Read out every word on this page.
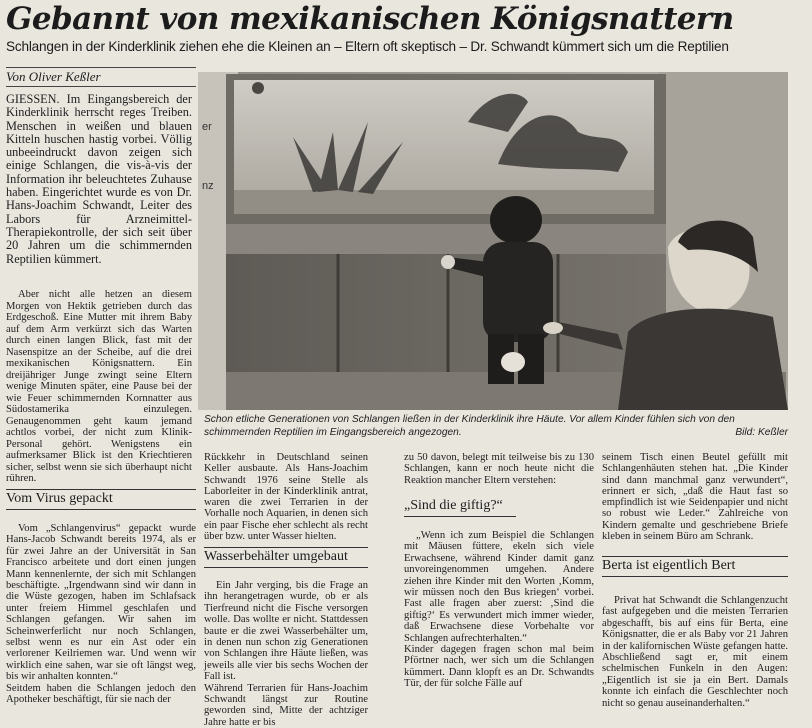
Gebannt von mexikanischen Königsnattern
Schlangen in der Kinderklinik ziehen ehe die Kleinen an – Eltern oft skeptisch – Dr. Schwandt kümmert sich um die Reptilien
Von Oliver Keßler

GIESSEN. Im Eingangsbereich der Kinderklinik herrscht reges Treiben. Menschen in weißen und blauen Kitteln huschen hastig vorbei. Völlig unbeeindruckt davon zeigen sich einige Schlangen, die vis-à-vis der Information ihr beleuchtetes Zuhause haben. Eingerichtet wurde es von Dr. Hans-Joachim Schwandt, Leiter des Labors für Arzneimittel-Therapiekontrolle, der sich seit über 20 Jahren um die schimmernden Reptilien kümmert.

Aber nicht alle hetzen an diesem Morgen von Hektik getrieben durch das Erdgeschoß. Eine Mutter mit ihrem Baby auf dem Arm verkürzt sich das Warten durch einen langen Blick, fast mit der Nasenspitze an der Scheibe, auf die drei mexikanischen Königsnattern. Ein dreijähriger Junge zwingt seine Eltern wenige Minuten später, eine Pause bei der wie Feuer schimmernden Kornnatter aus Südostamerika einzulegen. Genaugenommen geht kaum jemand achtlos vorbei, der nicht zum Klinik-Personal gehört. Wenigstens ein aufmerksamer Blick ist den Kriechtieren sicher, selbst wenn sie sich überhaupt nicht rühren.

Vom Virus gepackt

Vom „Schlangenvirus“ gepackt wurde Hans-Jacob Schwandt bereits 1974, als er für zwei Jahre an der Universität in San Francisco arbeitete und dort einen jungen Mann kennenlernte, der sich mit Schlangen beschäftigte. „Irgendwann sind wir dann in die Wüste gezogen, haben im Schlafsack unter freiem Himmel geschlafen und Schlangen gefangen. Wir sahen im Scheinwerferlicht nur noch Schlangen, selbst wenn es nur ein Ast oder ein verlorener Keilriemen war. Und wenn wir wirklich eine sahen, war sie oft längst weg, bis wir anhalten konnten.“

Seitdem haben die Schlangen jedoch den Apotheker beschäftigt, für sie nach der

er
nz
Schon etliche Generationen von Schlangen ließen in der Kinderklinik ihre Häute. Vor allem Kinder fühlen sich von den schimmernden Reptilien im Eingangsbereich angezogen.	Bild: Keßler

Rückkehr in Deutschland seinen Keller ausbaute. Als Hans-Joachim Schwandt 1976 seine Stelle als Laborleiter in der Kinderklinik antrat, waren die zwei Terrarien in der Vorhalle noch Aquarien, in denen sich ein paar Fische eher schlecht als recht über bzw. unter Wasser hielten.

Wasserbehälter umgebaut

Ein Jahr verging, bis die Frage an ihn herangetragen wurde, ob er als Tierfreund nicht die Fische versorgen wolle. Das wollte er nicht. Stattdessen baute er die zwei Wasserbehälter um, in denen nun schon zig Generationen von Schlangen ihre Häute ließen, was jeweils alle vier bis sechs Wochen der Fall ist.

Während Terrarien für Hans-Joachim Schwandt längst zur Routine geworden sind, Mitte der achtziger Jahre hatte er bis

zu 50 davon, belegt mit teilweise bis zu 130 Schlangen, kann er noch heute nicht die Reaktion mancher Eltern verstehen:

„Sind die giftig?“

„Wenn ich zum Beispiel die Schlangen mit Mäusen füttere, ekeln sich viele Erwachsene, während Kinder damit ganz unvoreingenommen umgehen. Andere ziehen ihre Kinder mit den Worten ‚Komm, wir müssen noch den Bus kriegen‘ vorbei. Fast alle fragen aber zuerst: ‚Sind die giftig?‘ Es verwundert mich immer wieder, daß Erwachsene diese Vorbehalte vor Schlangen aufrechterhalten.“

Kinder dagegen fragen schon mal beim Pförtner nach, wer sich um die Schlangen kümmert. Dann klopft es an Dr. Schwandts Tür, der für solche Fälle auf

seinem Tisch einen Beutel gefüllt mit Schlangenhäuten stehen hat. „Die Kinder sind dann manchmal ganz verwundert“, erinnert er sich, „daß die Haut fast so empfindlich ist wie Seidenpapier und nicht so robust wie Leder.“ Zahlreiche von Kindern gemalte und geschriebene Briefe kleben in seinem Büro am Schrank.

Berta ist eigentlich Bert

Privat hat Schwandt die Schlangenzucht fast aufgegeben und die meisten Terrarien abgeschafft, bis auf eins für Berta, eine Königsnatter, die er als Baby vor 21 Jahren in der kalifornischen Wüste gefangen hatte. Abschließend sagt er, mit einem schelmischen Funkeln in den Augen: „Eigentlich ist sie ja ein Bert. Damals konnte ich einfach die Geschlechter noch nicht so genau auseinanderhalten.“
